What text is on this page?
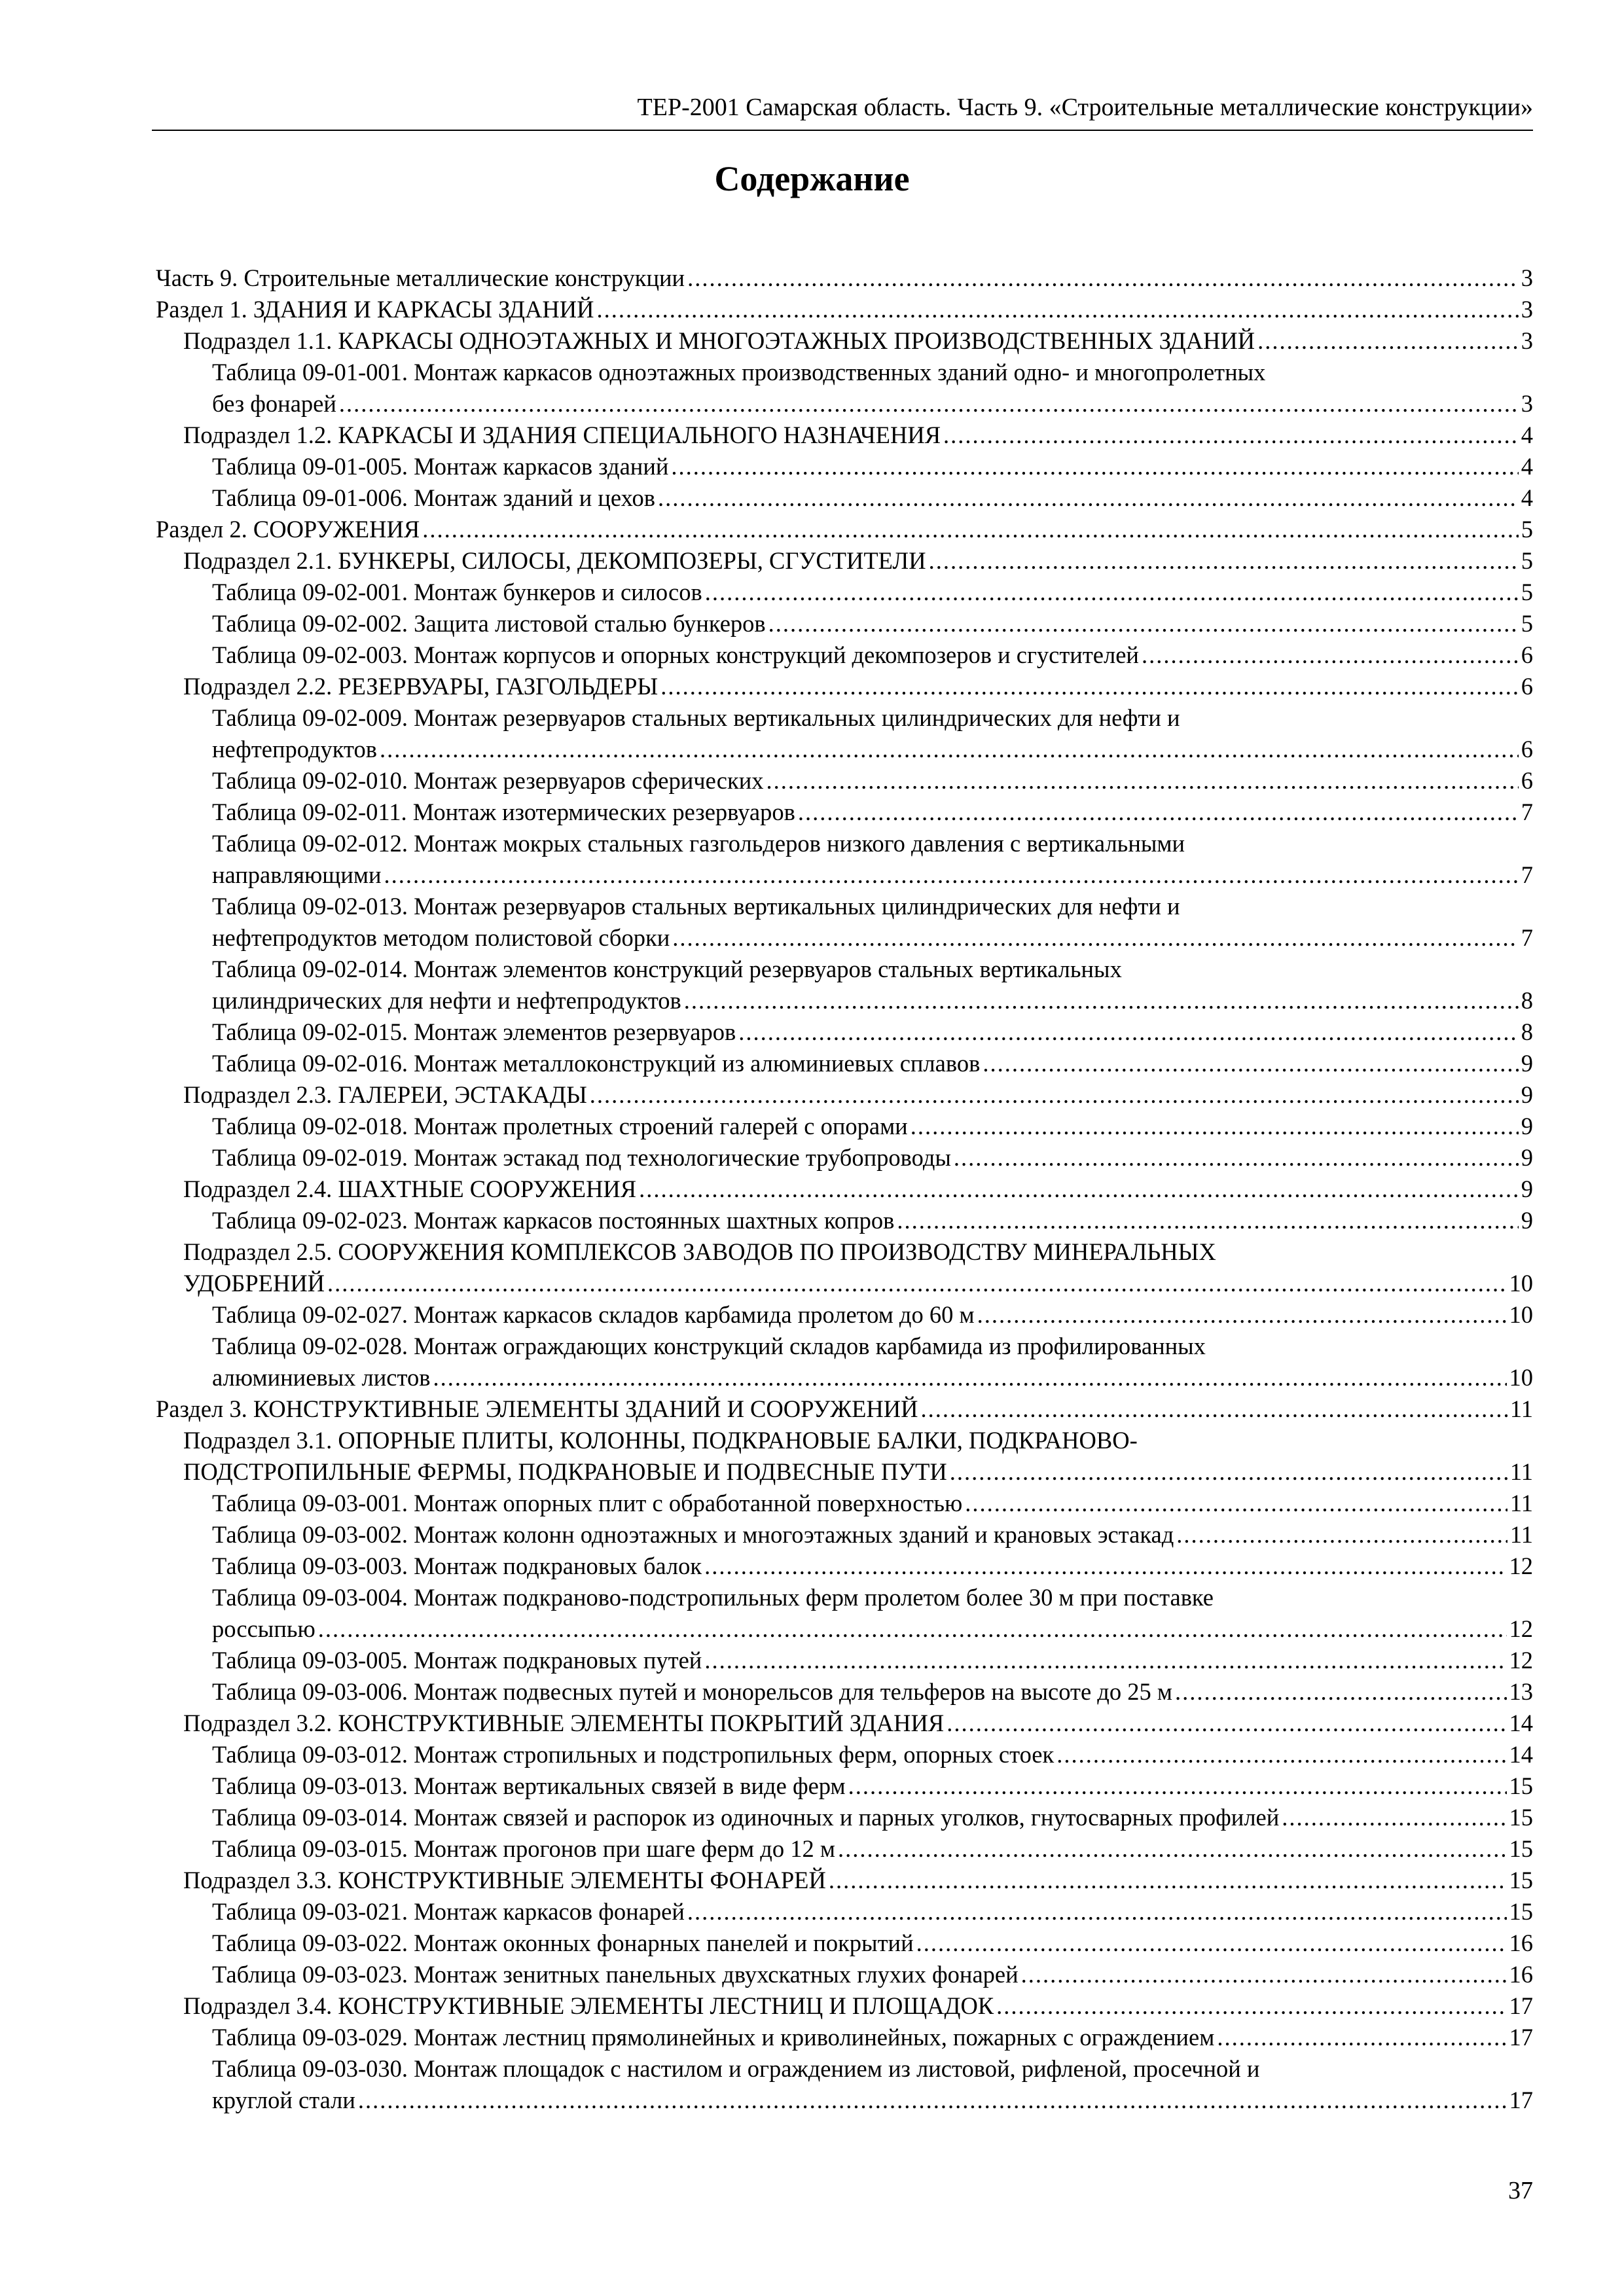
ТЕР-2001 Самарская область. Часть 9. «Строительные металлические конструкции»
Содержание
Часть 9. Строительные металлические конструкции .....	3
Раздел 1. ЗДАНИЯ И КАРКАСЫ ЗДАНИЙ .....	3
Подраздел 1.1. КАРКАСЫ ОДНОЭТАЖНЫХ И МНОГОЭТАЖНЫХ ПРОИЗВОДСТВЕННЫХ ЗДАНИЙ .....	3
Таблица 09-01-001. Монтаж каркасов одноэтажных производственных зданий одно- и многопролетных
без фонарей .....	3
Подраздел 1.2. КАРКАСЫ И ЗДАНИЯ СПЕЦИАЛЬНОГО НАЗНАЧЕНИЯ .....	4
Таблица 09-01-005. Монтаж каркасов зданий .....	4
Таблица 09-01-006. Монтаж зданий и цехов .....	4
Раздел 2. СООРУЖЕНИЯ .....	5
Подраздел 2.1. БУНКЕРЫ, СИЛОСЫ, ДЕКОМПОЗЕРЫ, СГУСТИТЕЛИ .....	5
Таблица 09-02-001. Монтаж бункеров и силосов .....	5
Таблица 09-02-002. Защита листовой сталью бункеров .....	5
Таблица 09-02-003. Монтаж корпусов и опорных конструкций декомпозеров и сгустителей .....	6
Подраздел 2.2. РЕЗЕРВУАРЫ, ГАЗГОЛЬДЕРЫ .....	6
Таблица 09-02-009. Монтаж резервуаров стальных вертикальных цилиндрических для нефти и
нефтепродуктов .....	6
Таблица 09-02-010. Монтаж резервуаров сферических .....	6
Таблица 09-02-011. Монтаж изотермических резервуаров .....	7
Таблица 09-02-012. Монтаж мокрых стальных газгольдеров низкого давления с вертикальными
направляющими .....	7
Таблица 09-02-013. Монтаж резервуаров стальных вертикальных цилиндрических для нефти и
нефтепродуктов методом полистовой сборки .....	7
Таблица 09-02-014. Монтаж элементов конструкций резервуаров стальных вертикальных
цилиндрических для нефти и нефтепродуктов .....	8
Таблица 09-02-015. Монтаж элементов резервуаров .....	8
Таблица 09-02-016. Монтаж металлоконструкций из алюминиевых сплавов .....	9
Подраздел 2.3. ГАЛЕРЕИ, ЭСТАКАДЫ .....	9
Таблица 09-02-018. Монтаж пролетных строений галерей с опорами .....	9
Таблица 09-02-019. Монтаж эстакад под технологические трубопроводы .....	9
Подраздел 2.4. ШАХТНЫЕ СООРУЖЕНИЯ .....	9
Таблица 09-02-023. Монтаж каркасов постоянных шахтных копров .....	9
Подраздел 2.5. СООРУЖЕНИЯ КОМПЛЕКСОВ ЗАВОДОВ ПО ПРОИЗВОДСТВУ МИНЕРАЛЬНЫХ
УДОБРЕНИЙ .....	10
Таблица 09-02-027. Монтаж каркасов складов карбамида пролетом до 60 м .....	10
Таблица 09-02-028. Монтаж ограждающих конструкций складов карбамида из профилированных
алюминиевых листов .....	10
Раздел 3. КОНСТРУКТИВНЫЕ ЭЛЕМЕНТЫ ЗДАНИЙ И СООРУЖЕНИЙ .....	11
Подраздел 3.1. ОПОРНЫЕ ПЛИТЫ, КОЛОННЫ, ПОДКРАНОВЫЕ БАЛКИ, ПОДКРАНОВО-
ПОДСТРОПИЛЬНЫЕ ФЕРМЫ, ПОДКРАНОВЫЕ И ПОДВЕСНЫЕ ПУТИ .....	11
Таблица 09-03-001. Монтаж опорных плит с обработанной поверхностью .....	11
Таблица 09-03-002. Монтаж колонн одноэтажных и многоэтажных зданий и крановых эстакад .....	11
Таблица 09-03-003. Монтаж подкрановых балок .....	12
Таблица 09-03-004. Монтаж подкраново-подстропильных ферм пролетом более 30 м при поставке
россыпью .....	12
Таблица 09-03-005. Монтаж подкрановых путей .....	12
Таблица 09-03-006. Монтаж подвесных путей и монорельсов для тельферов на высоте до 25 м .....	13
Подраздел 3.2. КОНСТРУКТИВНЫЕ ЭЛЕМЕНТЫ ПОКРЫТИЙ ЗДАНИЯ .....	14
Таблица 09-03-012. Монтаж стропильных и подстропильных ферм, опорных стоек .....	14
Таблица 09-03-013. Монтаж вертикальных связей в виде ферм .....	15
Таблица 09-03-014. Монтаж связей и распорок из одиночных и парных уголков, гнутосварных профилей .....	15
Таблица 09-03-015. Монтаж прогонов при шаге ферм до 12 м .....	15
Подраздел 3.3. КОНСТРУКТИВНЫЕ ЭЛЕМЕНТЫ ФОНАРЕЙ .....	15
Таблица 09-03-021. Монтаж каркасов фонарей .....	15
Таблица 09-03-022. Монтаж оконных фонарных панелей и покрытий .....	16
Таблица 09-03-023. Монтаж зенитных панельных двухскатных глухих фонарей .....	16
Подраздел 3.4. КОНСТРУКТИВНЫЕ ЭЛЕМЕНТЫ ЛЕСТНИЦ И ПЛОЩАДОК .....	17
Таблица 09-03-029. Монтаж лестниц прямолинейных и криволинейных, пожарных с ограждением .....	17
Таблица 09-03-030. Монтаж площадок с настилом и ограждением из листовой, рифленой, просечной и
круглой стали .....	17
37
